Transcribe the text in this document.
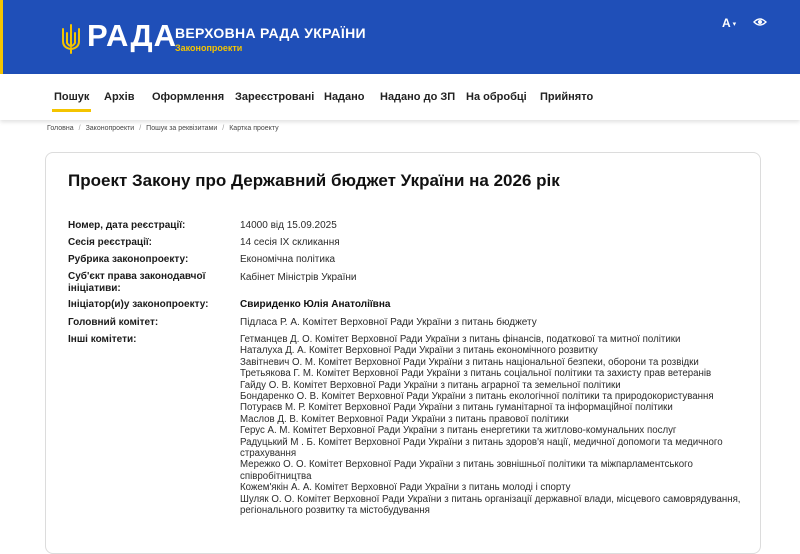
РАДА
ВЕРХОВНА РАДА УКРАЇНИ
Законопроекти
A ▾
Пошук Архів Оформлення Зареєстровані Надано Надано до ЗП На обробці Прийнято
Головна / Законопроекти / Пошук за реквізитами / Картка проекту
Проект Закону про Державний бюджет України на 2026 рік
Номер, дата реєстрації:	14000 від 15.09.2025
Сесія реєстрації:	14 сесія IX скликання
Рубрика законопроекту:	Економічна політика
Суб'єкт права законодавчої ініціативи:
Кабінет Міністрів України
Ініціатор(и)у законопроекту:	Свириденко Юлія Анатоліївна
Головний комітет:	Підласа Р. А. Комітет Верховної Ради України з питань бюджету
Інші комітети:	Гетманцев Д. О. Комітет Верховної Ради України з питань фінансів, податкової та митної політики
Наталуха Д. А. Комітет Верховної Ради України з питань економічного розвитку
Завітневич О. М. Комітет Верховної Ради України з питань національної безпеки, оборони та розвідки
Третьякова Г. М. Комітет Верховної Ради України з питань соціальної політики та захисту прав ветеранів
Гайду О. В. Комітет Верховної Ради України з питань аграрної та земельної політики
Бондаренко О. В. Комітет Верховної Ради України з питань екологічної політики та природокористування
Потураєв М. Р. Комітет Верховної Ради України з питань гуманітарної та інформаційної політики
Маслов Д. В. Комітет Верховної Ради України з питань правової політики
Герус А. М. Комітет Верховної Ради України з питань енергетики та житлово-комунальних послуг
Радуцький М . Б. Комітет Верховної Ради України з питань здоров'я нації, медичної допомоги та медичного страхування
Мережко О. О. Комітет Верховної Ради України з питань зовнішньої політики та міжпарламентського співробітництва
Кожем'якін А. А. Комітет Верховної Ради України з питань молоді і спорту
Шуляк О. О. Комітет Верховної Ради України з питань організації державної влади, місцевого самоврядування, регіонального розвитку та містобудування
